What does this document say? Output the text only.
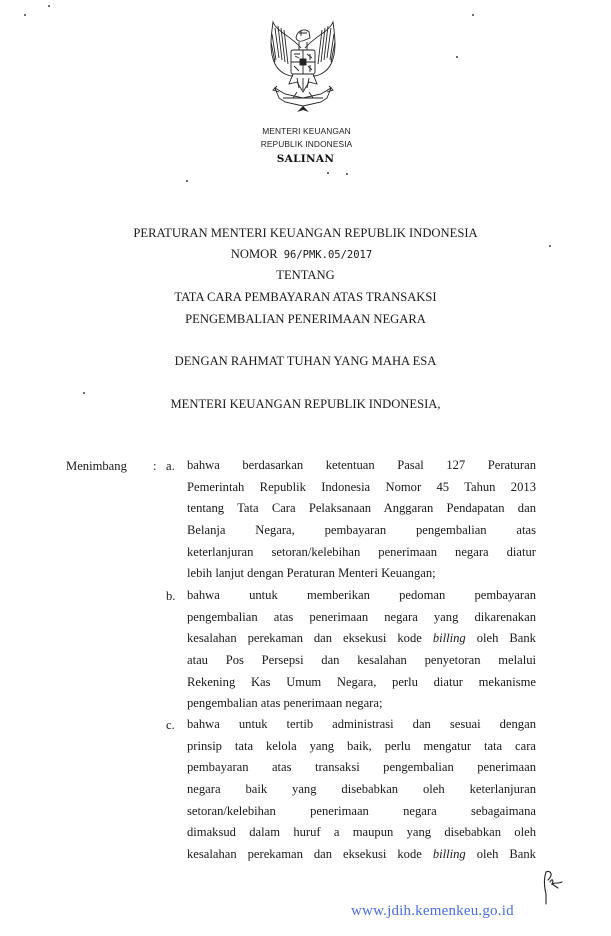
MENTERI KEUANGAN
REPUBLIK INDONESIA
SALINAN
PERATURAN MENTERI KEUANGAN REPUBLIK INDONESIA
NOMOR 96/PMK.05/2017
TENTANG
TATA CARA PEMBAYARAN ATAS TRANSAKSI
PENGEMBALIAN PENERIMAAN NEGARA
DENGAN RAHMAT TUHAN YANG MAHA ESA
MENTERI KEUANGAN REPUBLIK INDONESIA,
Menimbang : a. bahwa berdasarkan ketentuan Pasal 127 Peraturan
Pemerintah Republik Indonesia Nomor 45 Tahun 2013
tentang Tata Cara Pelaksanaan Anggaran Pendapatan dan
Belanja Negara, pembayaran pengembalian atas
keterlanjuran setoran/kelebihan penerimaan negara diatur
lebih lanjut dengan Peraturan Menteri Keuangan;
b. bahwa untuk memberikan pedoman pembayaran
pengembalian atas penerimaan negara yang dikarenakan
kesalahan perekaman dan eksekusi kode billing oleh Bank
atau Pos Persepsi dan kesalahan penyetoran melalui
Rekening Kas Umum Negara, perlu diatur mekanisme
pengembalian atas penerimaan negara;
c. bahwa untuk tertib administrasi dan sesuai dengan
prinsip tata kelola yang baik, perlu mengatur tata cara
pembayaran atas transaksi pengembalian penerimaan
negara baik yang disebabkan oleh keterlanjuran
setoran/kelebihan penerimaan negara sebagaimana
dimaksud dalam huruf a maupun yang disebabkan oleh
kesalahan perekaman dan eksekusi kode billing oleh Bank
www.jdih.kemenkeu.go.id
